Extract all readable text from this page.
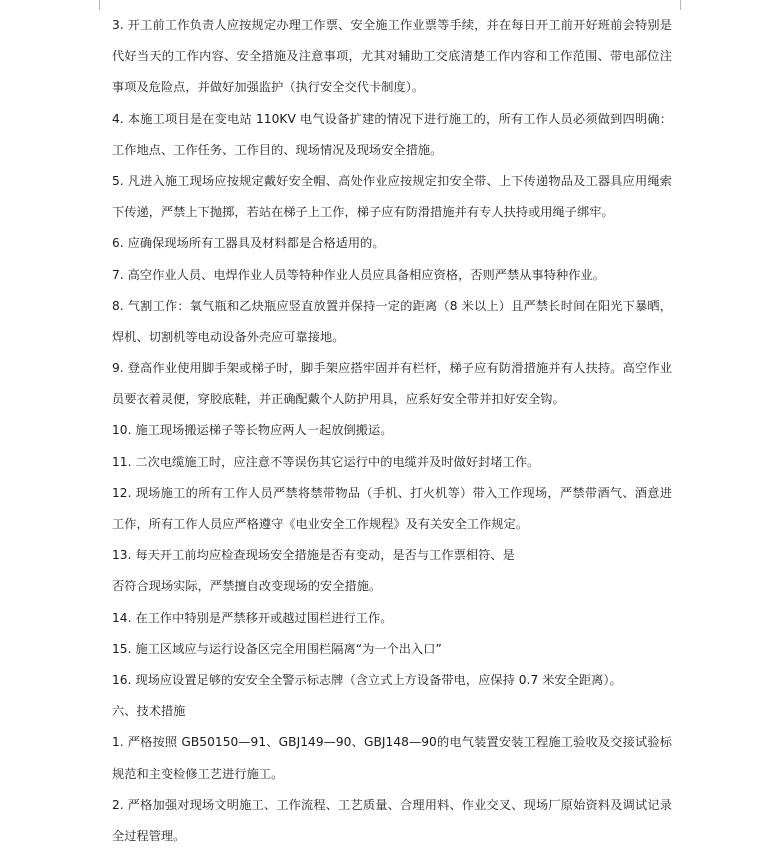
3. 开工前工作负责人应按规定办理工作票、安全施工作业票等手续，并在每日开工前开好班前会特别是
代好当天的工作内容、安全措施及注意事项，尤其对辅助工交底清楚工作内容和工作范围、带电部位注
事项及危险点，并做好加强监护（执行安全交代卡制度）。
4. 本施工项目是在变电站 110KV 电气设备扩建的情况下进行施工的，所有工作人员必须做到四明确：
工作地点、工作任务、工作目的、现场情况及现场安全措施。
5. 凡进入施工现场应按规定戴好安全帽、高处作业应按规定扣安全带、上下传递物品及工器具应用绳索
下传递，严禁上下抛掷，若站在梯子上工作，梯子应有防滑措施并有专人扶持或用绳子绑牢。
6. 应确保现场所有工器具及材料都是合格适用的。
7. 高空作业人员、电焊作业人员等特种作业人员应具备相应资格，否则严禁从事特种作业。
8. 气割工作：氧气瓶和乙炔瓶应竖直放置并保持一定的距离（8 米以上）且严禁长时间在阳光下暴晒，
焊机、切割机等电动设备外壳应可靠接地。
9. 登高作业使用脚手架或梯子时，脚手架应搭牢固并有栏杆，梯子应有防滑措施并有人扶持。高空作业
员要衣着灵便，穿胶底鞋，并正确配戴个人防护用具，应系好安全带并扣好安全钩。
10. 施工现场搬运梯子等长物应两人一起放倒搬运。
11. 二次电缆施工时，应注意不等误伤其它运行中的电缆并及时做好封堵工作。
12. 现场施工的所有工作人员严禁将禁带物品（手机、打火机等）带入工作现场，严禁带酒气、酒意进
工作，所有工作人员应严格遵守《电业安全工作规程》及有关安全工作规定。
13. 每天开工前均应检查现场安全措施是否有变动，是否与工作票相符、是
否符合现场实际，严禁擅自改变现场的安全措施。
14. 在工作中特别是严禁移开或越过围栏进行工作。
15. 施工区域应与运行设备区完全用围栏隔离“为一个出入口”
16. 现场应设置足够的安安全全警示标志牌（含立式上方设备带电，应保持 0.7 米安全距离）。
六、技术措施
1. 严格按照 GB50150—91、GBJ149—90、GBJ148—90的电气装置安装工程施工验收及交接试验标
规范和主变检修工艺进行施工。
2. 严格加强对现场文明施工、工作流程、工艺质量、合理用料、作业交叉、现场厂原始资料及调试记录
全过程管理。
